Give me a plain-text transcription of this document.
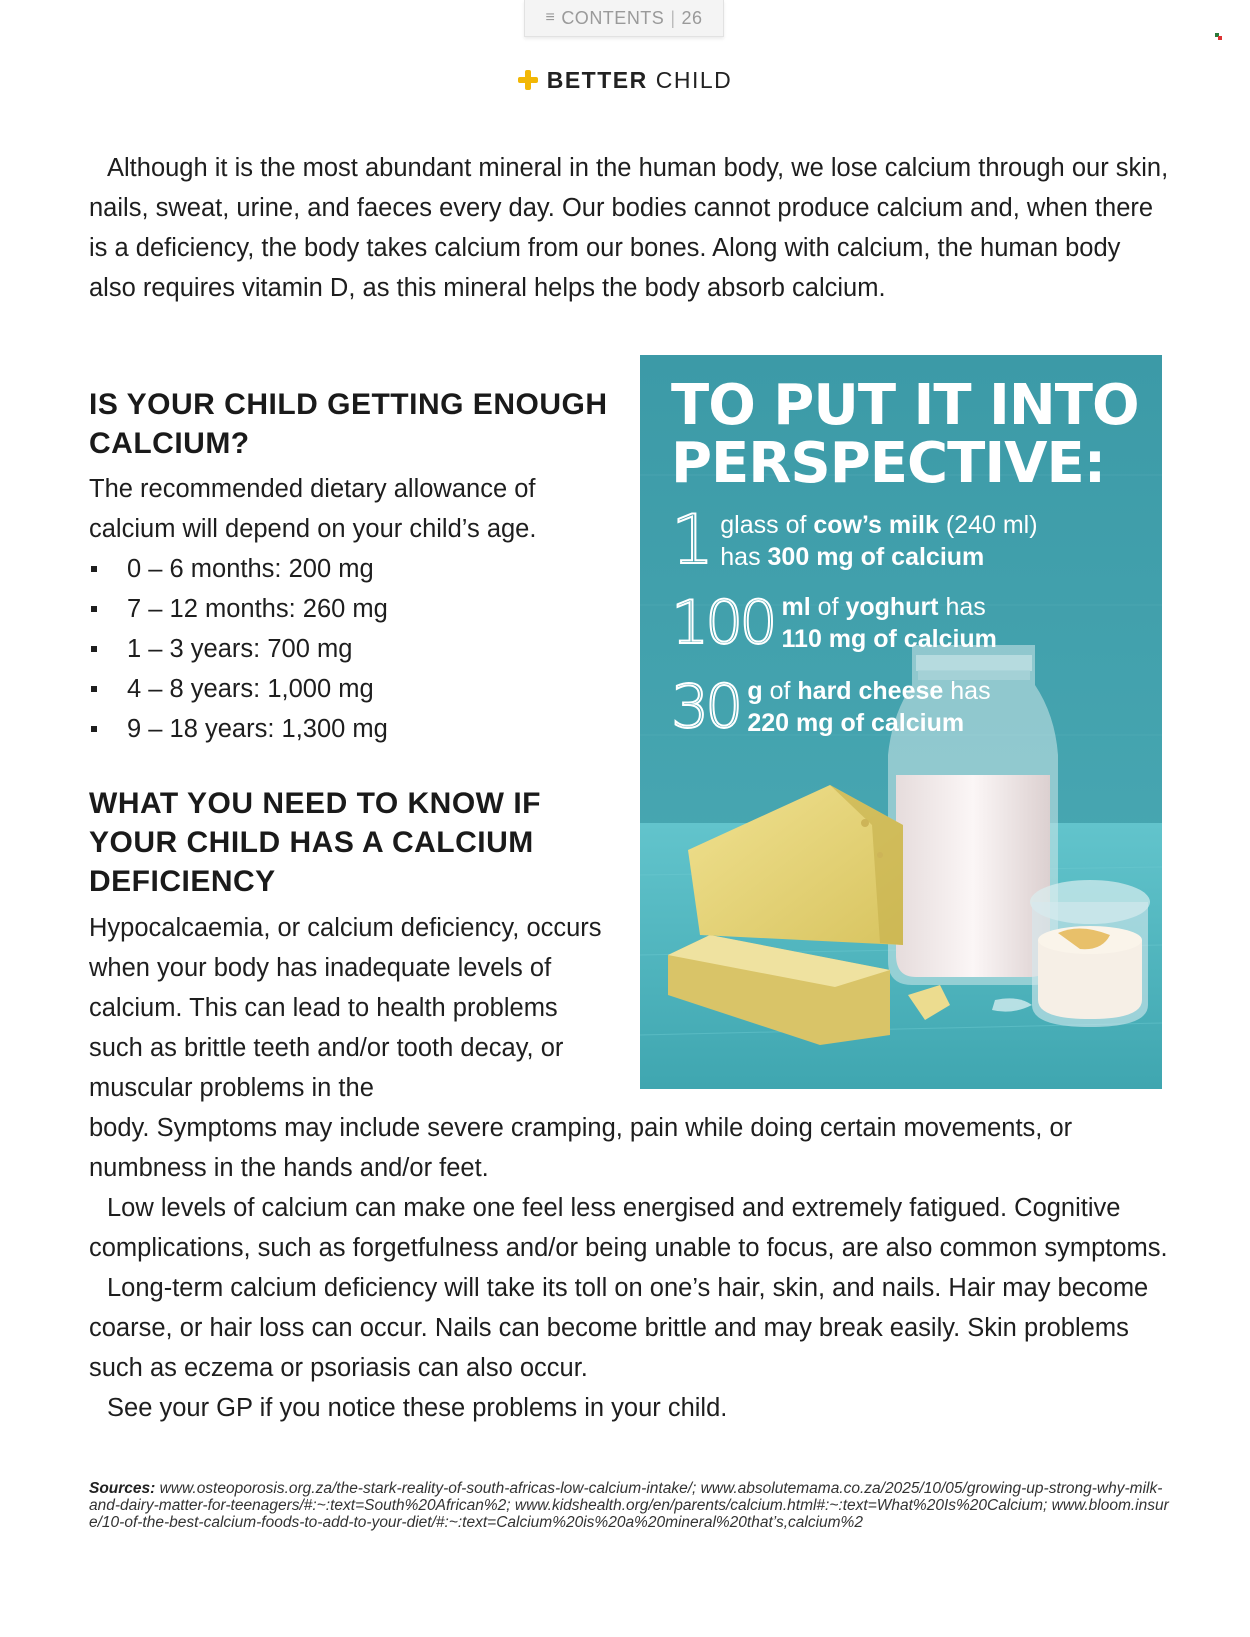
≡ CONTENTS | 26
BETTER CHILD

Although it is the most abundant mineral in the human body, we lose calcium through our skin, nails, sweat, urine, and faeces every day. Our bodies cannot produce calcium and, when there is a deficiency, the body takes calcium from our bones. Along with calcium, the human body also requires vitamin D, as this mineral helps the body absorb calcium.

IS YOUR CHILD GETTING ENOUGH CALCIUM?

The recommended dietary allowance of calcium will depend on your child’s age.

0 – 6 months: 200 mg
7 – 12 months: 260 mg
1 – 3 years: 700 mg
4 – 8 years: 1,000 mg
9 – 18 years: 1,300 mg
WHAT YOU NEED TO KNOW IF YOUR CHILD HAS A CALCIUM DEFICIENCY

Hypocalcaemia, or calcium deficiency, occurs when your body has inadequate levels of calcium. This can lead to health problems such as brittle teeth and/or tooth decay, or muscular problems in the

body. Symptoms may include severe cramping, pain while doing certain movements, or numbness in the hands and/or feet.

Low levels of calcium can make one feel less energised and extremely fatigued. Cognitive complications, such as forgetfulness and/or being unable to focus, are also common symptoms.

Long-term calcium deficiency will take its toll on one’s hair, skin, and nails. Hair may become coarse, or hair loss can occur. Nails can become brittle and may break easily. Skin problems such as eczema or psoriasis can also occur.

See your GP if you notice these problems in your child.

Sources: www.osteoporosis.org.za/the-stark-reality-of-south-africas-low-calcium-intake/; www.absolutemama.co.za/2025/10/05/growing-up-strong-why-milk-and-dairy-matter-for-teenagers/#:~:text=South%20African%2; www.kidshealth.org/en/parents/calcium.html#:~:text=What%20Is%20Calcium; www.bloom.insure/10-of-the-best-calcium-foods-to-add-to-your-diet/#:~:text=Calcium%20is%20a%20mineral%20that’s,calcium%2

TO PUT IT INTO
PERSPECTIVE:
1 glass of cow’s milk (240 ml)
has 300 mg of calcium
100 ml of yoghurt has
110 mg of calcium
30 g of hard cheese has
220 mg of calcium
